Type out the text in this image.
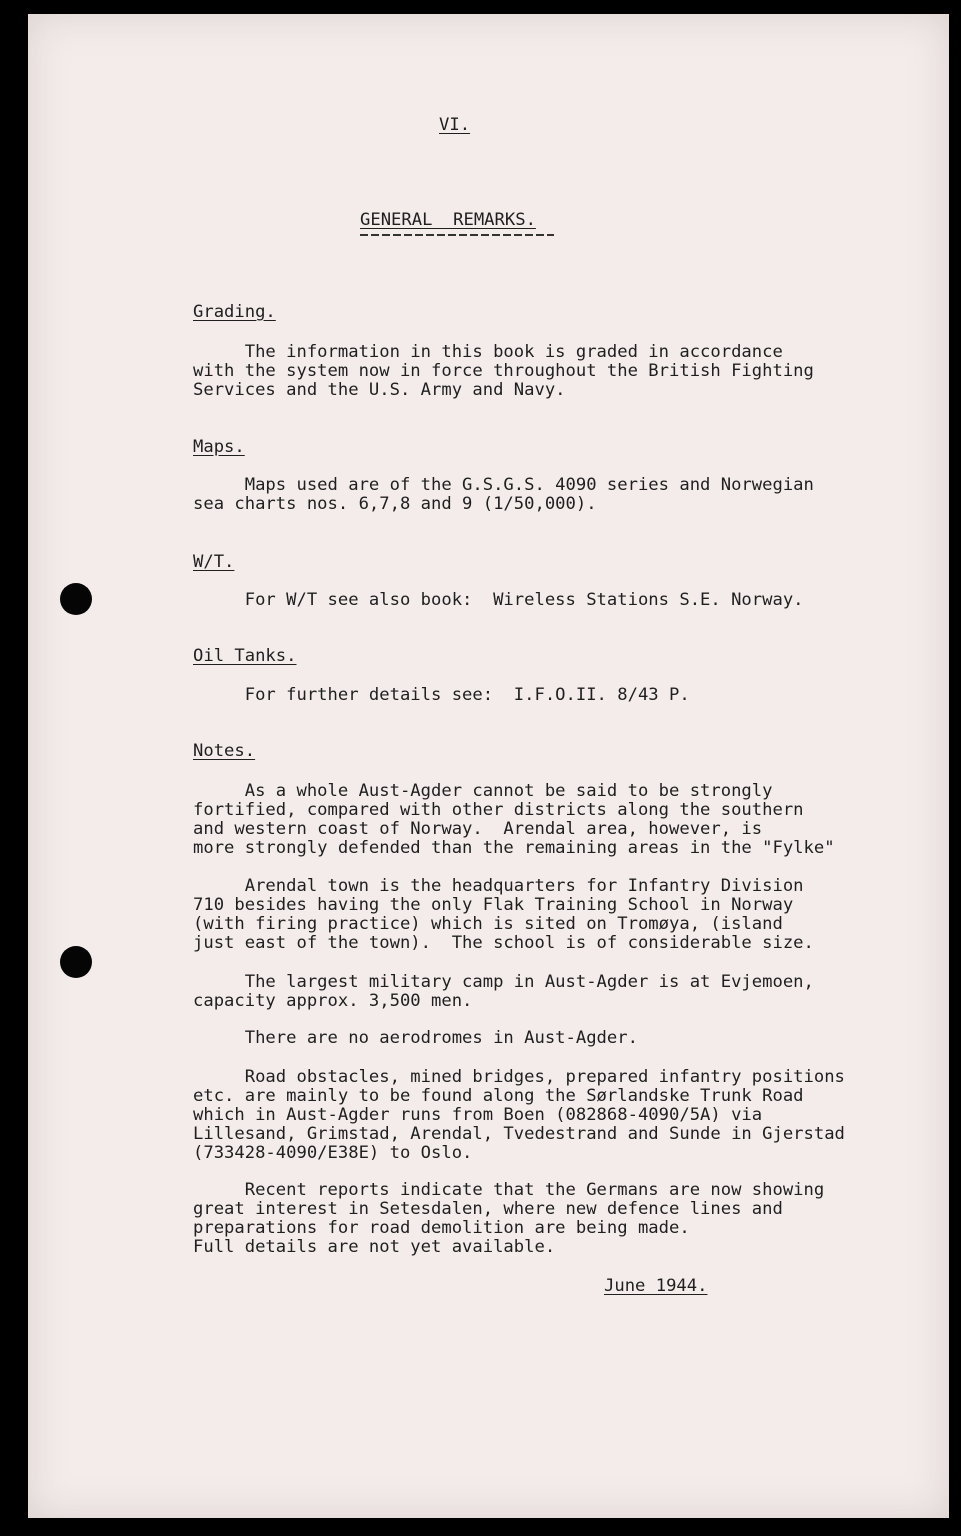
VI.
GENERAL  REMARKS.
Grading.
The information in this book is graded in accordance
with the system now in force throughout the British Fighting
Services and the U.S. Army and Navy.
Maps.
Maps used are of the G.S.G.S. 4090 series and Norwegian
sea charts nos. 6,7,8 and 9 (1/50,000).
W/T.
For W/T see also book:  Wireless Stations S.E. Norway.
Oil Tanks.
For further details see:  I.F.O.II. 8/43 P.
Notes.
As a whole Aust-Agder cannot be said to be strongly
fortified, compared with other districts along the southern
and western coast of Norway.  Arendal area, however, is
more strongly defended than the remaining areas in the "Fylke"
Arendal town is the headquarters for Infantry Division
710 besides having the only Flak Training School in Norway
(with firing practice) which is sited on Tromøya, (island
just east of the town).  The school is of considerable size.
The largest military camp in Aust-Agder is at Evjemoen,
capacity approx. 3,500 men.
There are no aerodromes in Aust-Agder.
Road obstacles, mined bridges, prepared infantry positions
etc. are mainly to be found along the Sørlandske Trunk Road
which in Aust-Agder runs from Boen (082868-4090/5A) via
Lillesand, Grimstad, Arendal, Tvedestrand and Sunde in Gjerstad
(733428-4090/E38E) to Oslo.
Recent reports indicate that the Germans are now showing
great interest in Setesdalen, where new defence lines and
preparations for road demolition are being made.
Full details are not yet available.
June 1944.
